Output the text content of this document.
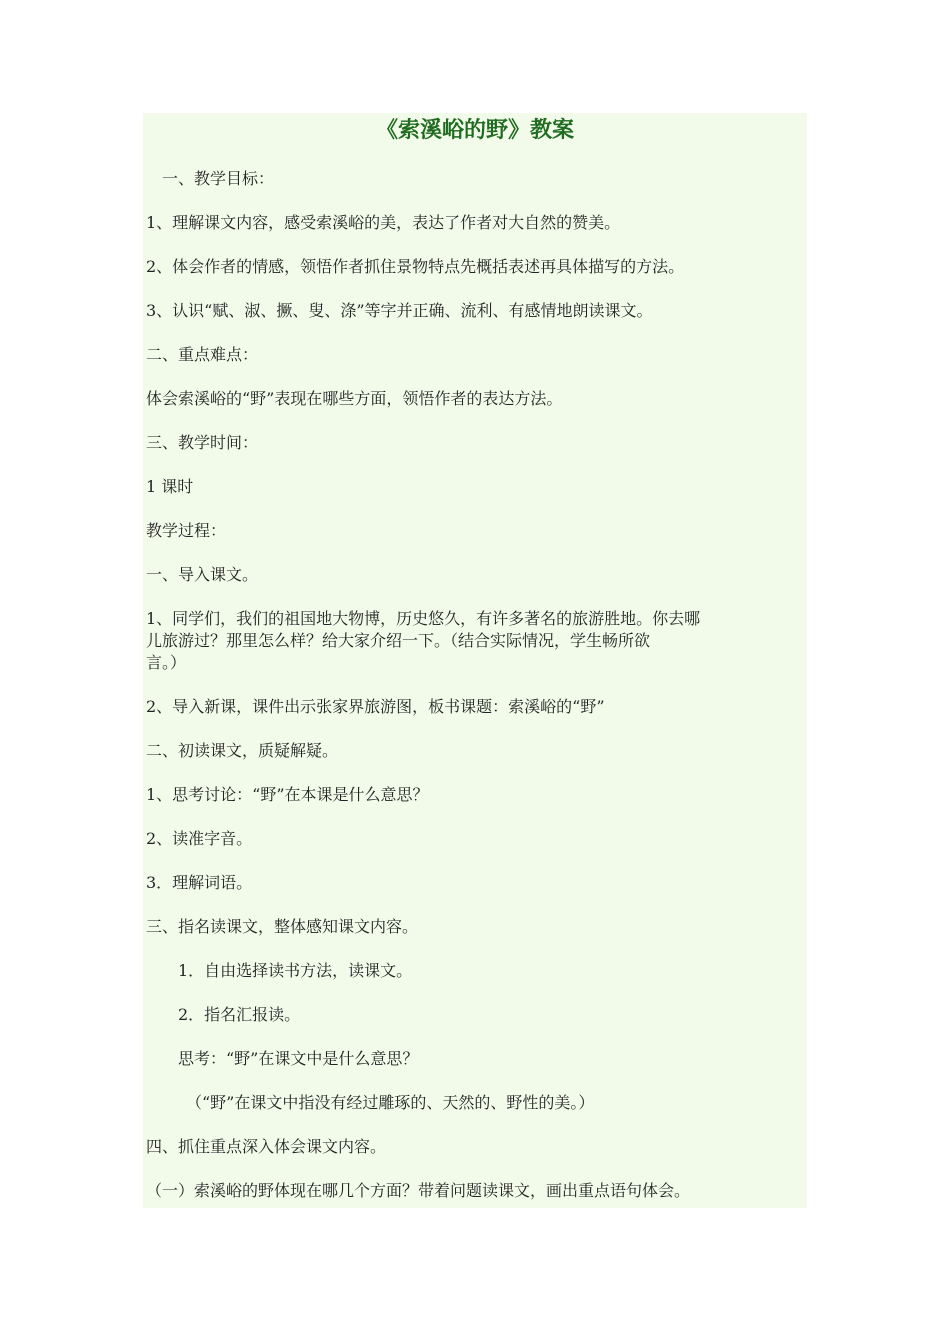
《索溪峪的野》教案

　一、教学目标：

1、理解课文内容，感受索溪峪的美，表达了作者对大自然的赞美。

2、体会作者的情感，领悟作者抓住景物特点先概括表述再具体描写的方法。

3、认识“赋、淑、撅、叟、涤”等字并正确、流利、有感情地朗读课文。

二、重点难点：

体会索溪峪的“野”表现在哪些方面，领悟作者的表达方法。

三、教学时间：

1 课时

教学过程：

一、导入课文。

1、同学们，我们的祖国地大物博，历史悠久，有许多著名的旅游胜地。你去哪

儿旅游过？那里怎么样？给大家介绍一下。（结合实际情况，学生畅所欲

言。）

2、导入新课，课件出示张家界旅游图，板书课题：索溪峪的“野”

二、初读课文，质疑解疑。

1、思考讨论：“野”在本课是什么意思？

2、读准字音。

3．理解词语。

三、指名读课文，整体感知课文内容。

　　1．自由选择读书方法，读课文。

　　2．指名汇报读。

　　思考：“野”在课文中是什么意思？

　　　（“野”在课文中指没有经过雕琢的、天然的、野性的美。）

四、抓住重点深入体会课文内容。

（一）索溪峪的野体现在哪几个方面？带着问题读课文，画出重点语句体会。
